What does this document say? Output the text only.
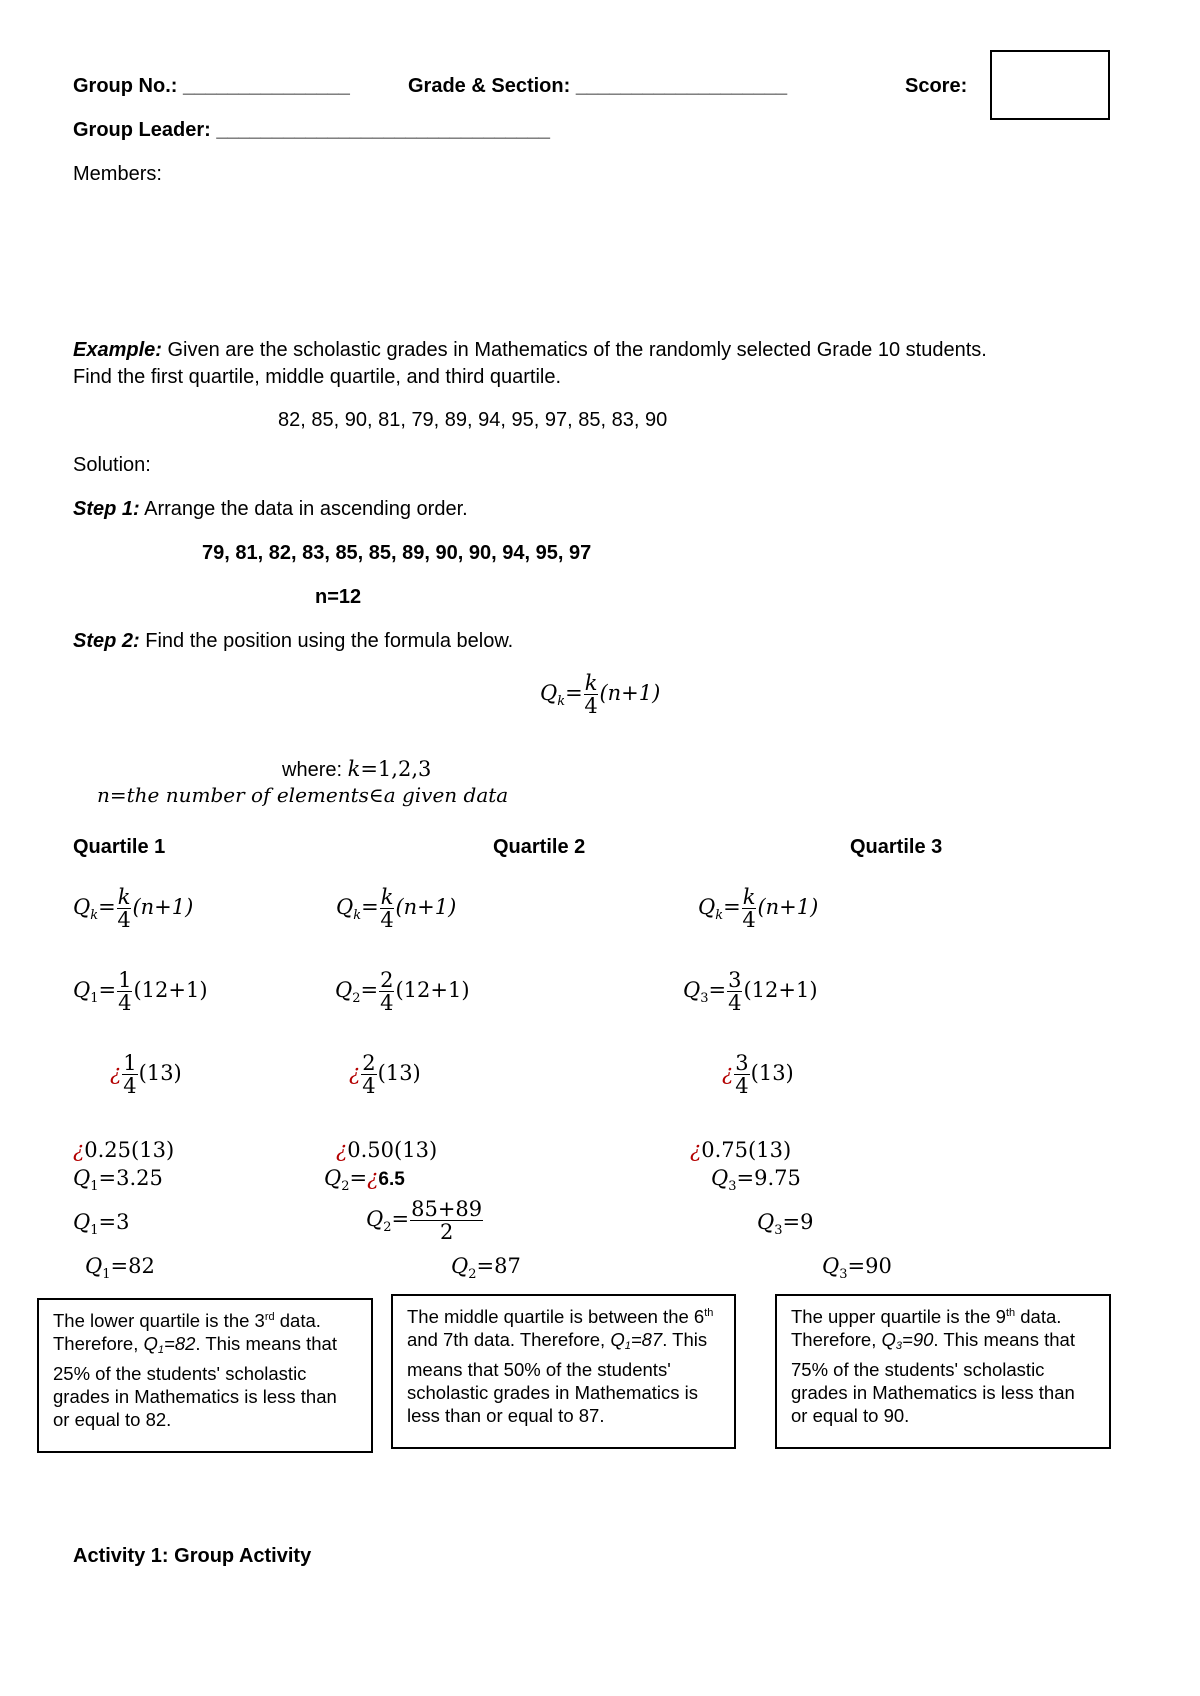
Group No.: _______________	Grade & Section: ___________________	Score:
Group Leader: ______________________________
Members:
Example: Given are the scholastic grades in Mathematics of the randomly selected Grade 10 students.
Find the first quartile, middle quartile, and third quartile.
82, 85, 90, 81, 79, 89, 94, 95, 97, 85, 83, 90
Solution:
Step 1: Arrange the data in ascending order.
79, 81, 82, 83, 85, 85, 89, 90, 90, 94, 95, 97
n=12
Step 2: Find the position using the formula below.
$Q_k= \frac{k}{4} (n+1)$
where: k=1,2,3
n=the number of elements∈a given data
Quartile 1	Quartile 2	Quartile 3
$Q_k= \frac{k}{4} (n+1)$	$Q_k= \frac{k}{4} (n+1)$	$Q_k= \frac{k}{4} (n+1)$
$Q_1= \frac{1}{4} (12+1)$	$Q_2= \frac{2}{4} (12+1)$	$Q_3= \frac{3}{4} (12+1)$
¿ $\frac{1}{4} (13)$	¿ $\frac{2}{4} (13)$	¿ $\frac{3}{4} (13)$
¿0.25(13)	¿0.50(13)	¿0.75(13)
$Q_1=3.25$	$Q_2=¿6.5$	$Q_3=9.75$
$Q_1=3$	$Q_2= \frac{85+89}{2}$	$Q_3=9$
$Q_1=82$	$Q_2=87$	$Q_3=90$
The lower quartile is the 3rd data. Therefore, Q1=82. This means that 25% of the students' scholastic grades in Mathematics is less than or equal to 82.
The middle quartile is between the 6th and 7th data. Therefore, Q1=87. This means that 50% of the students' scholastic grades in Mathematics is less than or equal to 87.
The upper quartile is the 9th data. Therefore, Q3=90. This means that 75% of the students' scholastic grades in Mathematics is less than or equal to 90.
Activity 1: Group Activity
